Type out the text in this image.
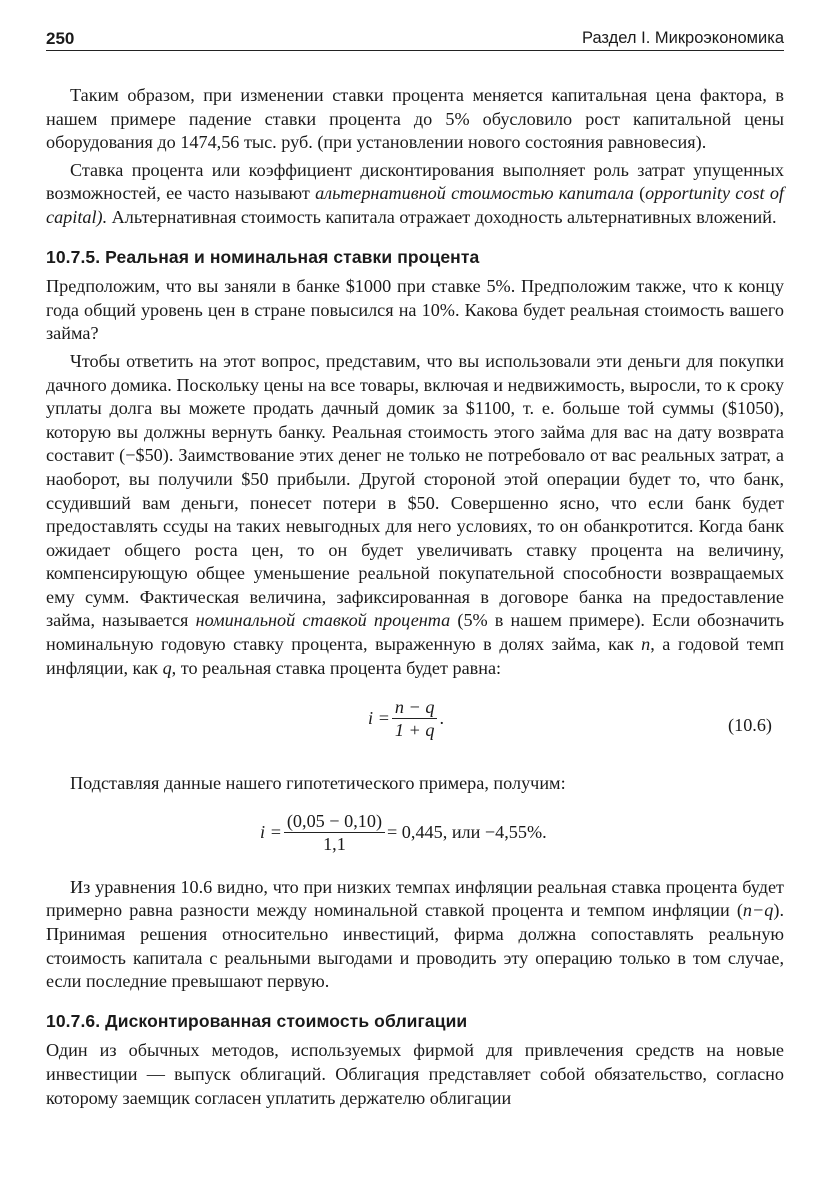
250	Раздел I. Микроэкономика

Таким образом, при изменении ставки процента меняется капитальная цена фактора, в нашем примере падение ставки процента до 5% обусловило рост капитальной цены оборудования до 1474,56 тыс. руб. (при установлении нового состояния равновесия).

Ставка процента или коэффициент дисконтирования выполняет роль затрат упущенных возможностей, ее часто называют альтернативной стоимостью капитала (opportunity cost of capital). Альтернативная стоимость капитала отражает доходность альтернативных вложений.

10.7.5. Реальная и номинальная ставки процента

Предположим, что вы заняли в банке $1000 при ставке 5%. Предположим также, что к концу года общий уровень цен в стране повысился на 10%. Какова будет реальная стоимость вашего займа?

Чтобы ответить на этот вопрос, представим, что вы использовали эти деньги для покупки дачного домика. Поскольку цены на все товары, включая и недвижимость, выросли, то к сроку уплаты долга вы можете продать дачный домик за $1100, т. е. больше той суммы ($1050), которую вы должны вернуть банку. Реальная стоимость этого займа для вас на дату возврата составит (−$50). Заимствование этих денег не только не потребовало от вас реальных затрат, а наоборот, вы получили $50 прибыли. Другой стороной этой операции будет то, что банк, ссудивший вам деньги, понесет потери в $50. Совершенно ясно, что если банк будет предоставлять ссуды на таких невыгодных для него условиях, то он обанкротится. Когда банк ожидает общего роста цен, то он будет увеличивать ставку процента на величину, компенсирующую общее уменьшение реальной покупательной способности возвращаемых ему сумм. Фактическая величина, зафиксированная в договоре банка на предоставление займа, называется номинальной ставкой процента (5% в нашем примере). Если обозначить номинальную годовую ставку процента, выраженную в долях займа, как n, а годовой темп инфляции, как q, то реальная ставка процента будет равна:

$i = \frac{n - q}{1 + q}$ .	(10.6)

Подставляя данные нашего гипотетического примера, получим:

$i = \frac{(0,05 - 0,10)}{1,1} = 0,445$, или −4,55%.

Из уравнения 10.6 видно, что при низких темпах инфляции реальная ставка процента будет примерно равна разности между номинальной ставкой процента и темпом инфляции (n−q). Принимая решения относительно инвестиций, фирма должна сопоставлять реальную стоимость капитала с реальными выгодами и проводить эту операцию только в том случае, если последние превышают первую.

10.7.6. Дисконтированная стоимость облигации

Один из обычных методов, используемых фирмой для привлечения средств на новые инвестиции — выпуск облигаций. Облигация представляет собой обязательство, согласно которому заемщик согласен уплатить держателю облигации
